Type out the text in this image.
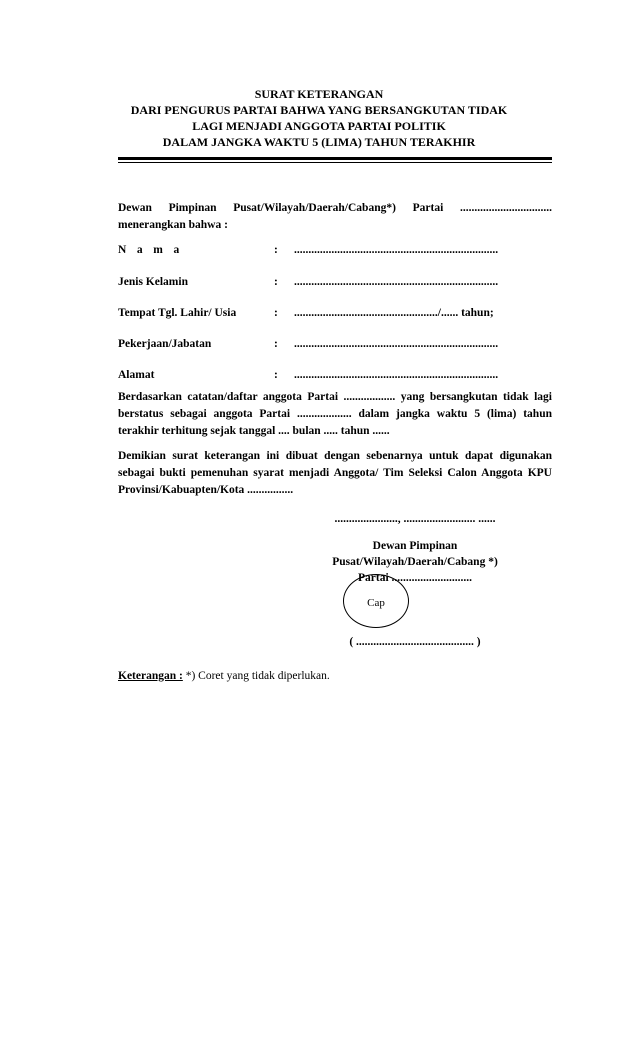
SURAT KETERANGAN
DARI PENGURUS PARTAI BAHWA YANG BERSANGKUTAN TIDAK
LAGI MENJADI ANGGOTA PARTAI POLITIK
DALAM JANGKA WAKTU 5 (LIMA) TAHUN TERAKHIR
Dewan Pimpinan Pusat/Wilayah/Daerah/Cabang*) Partai ................................ menerangkan bahwa :
N   a   m   a	: .......................................................................
Jenis Kelamin	: .......................................................................
Tempat Tgl. Lahir/ Usia	: ................................................../...... tahun;
Pekerjaan/Jabatan	: .......................................................................
Alamat	: .......................................................................
Berdasarkan catatan/daftar anggota Partai .................. yang bersangkutan tidak lagi berstatus sebagai anggota Partai ................... dalam jangka waktu 5 (lima) tahun terakhir terhitung sejak tanggal .... bulan ..... tahun ......
Demikian surat keterangan ini dibuat dengan sebenarnya untuk dapat digunakan sebagai bukti pemenuhan syarat menjadi Anggota/ Tim Seleksi Calon Anggota KPU Provinsi/Kabuapten/Kota ................
......................, ......................... ......
Dewan Pimpinan
Pusat/Wilayah/Daerah/Cabang *)
Partai ............................
Cap
( ......................................... )
Keterangan : *) Coret yang tidak diperlukan.
